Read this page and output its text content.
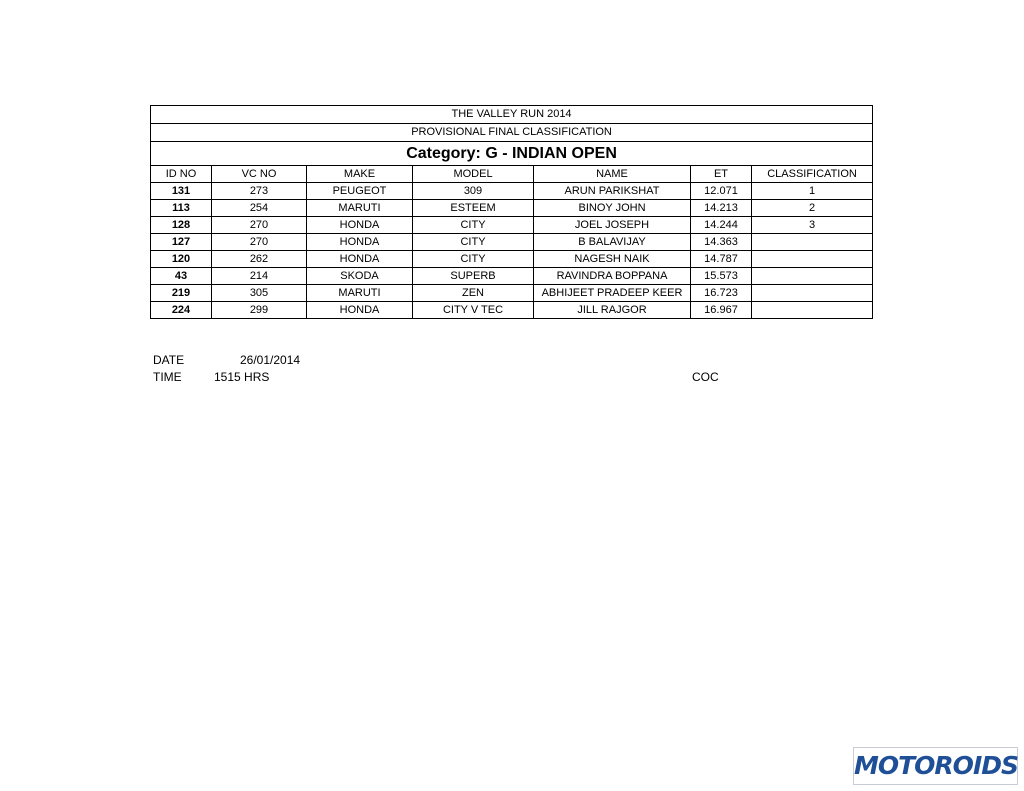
THE VALLEY RUN 2014						
PROVISIONAL FINAL CLASSIFICATION						
Category: G - INDIAN OPEN						
ID NO	VC NO	MAKE	MODEL	NAME	ET	CLASSIFICATION
131	273	PEUGEOT	309	ARUN PARIKSHAT	12.071	1
113	254	MARUTI	ESTEEM	BINOY JOHN	14.213	2
128	270	HONDA	CITY	JOEL JOSEPH	14.244	3
127	270	HONDA	CITY	B BALAVIJAY	14.363	
120	262	HONDA	CITY	NAGESH NAIK	14.787	
43	214	SKODA	SUPERB	RAVINDRA BOPPANA	15.573	
219	305	MARUTI	ZEN	ABHIJEET PRADEEP KEER	16.723	
224	299	HONDA	CITY V TEC	JILL RAJGOR	16.967	
DATE	26/01/2014
TIME	1515 HRS	COC
MOTOROIDS
